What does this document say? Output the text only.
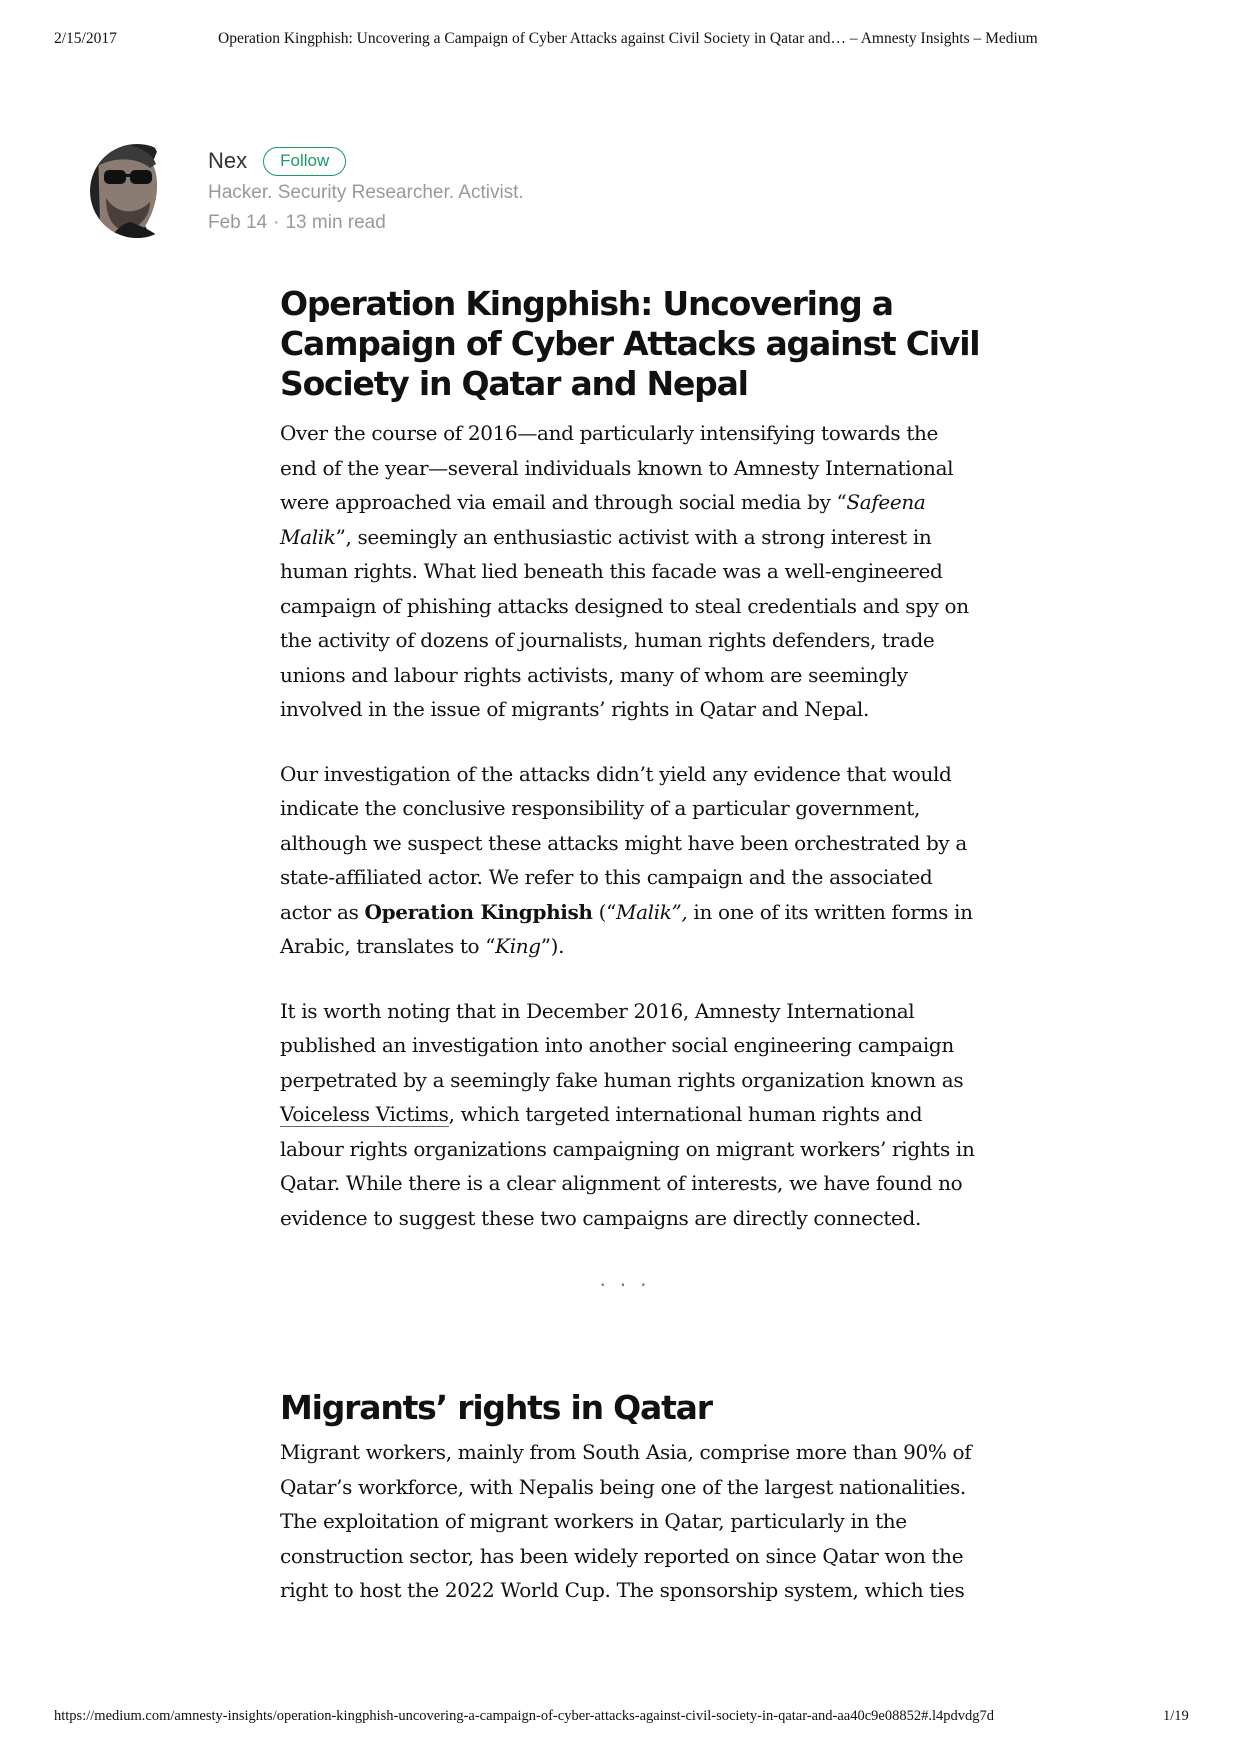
2/15/2017	Operation Kingphish: Uncovering a Campaign of Cyber Attacks against Civil Society in Qatar and… – Amnesty Insights – Medium
Nex	Follow
Hacker. Security Researcher. Activist.
Feb 14 · 13 min read
Operation Kingphish: Uncovering a Campaign of Cyber Attacks against Civil Society in Qatar and Nepal

Over the course of 2016—and particularly intensifying towards the end of the year—several individuals known to Amnesty International were approached via email and through social media by “Safeena Malik”, seemingly an enthusiastic activist with a strong interest in human rights. What lied beneath this facade was a well-engineered campaign of phishing attacks designed to steal credentials and spy on the activity of dozens of journalists, human rights defenders, trade unions and labour rights activists, many of whom are seemingly involved in the issue of migrants’ rights in Qatar and Nepal.

Our investigation of the attacks didn’t yield any evidence that would indicate the conclusive responsibility of a particular government, although we suspect these attacks might have been orchestrated by a state-affiliated actor. We refer to this campaign and the associated actor as Operation Kingphish (“Malik”, in one of its written forms in Arabic, translates to “King”).

It is worth noting that in December 2016, Amnesty International published an investigation into another social engineering campaign perpetrated by a seemingly fake human rights organization known as Voiceless Victims, which targeted international human rights and labour rights organizations campaigning on migrant workers’ rights in Qatar. While there is a clear alignment of interests, we have found no evidence to suggest these two campaigns are directly connected.

···
Migrants’ rights in Qatar

Migrant workers, mainly from South Asia, comprise more than 90% of Qatar’s workforce, with Nepalis being one of the largest nationalities. The exploitation of migrant workers in Qatar, particularly in the construction sector, has been widely reported on since Qatar won the right to host the 2022 World Cup. The sponsorship system, which ties

https://medium.com/amnesty-insights/operation-kingphish-uncovering-a-campaign-of-cyber-attacks-against-civil-society-in-qatar-and-aa40c9e08852#.l4pdvdg7d	1/19
